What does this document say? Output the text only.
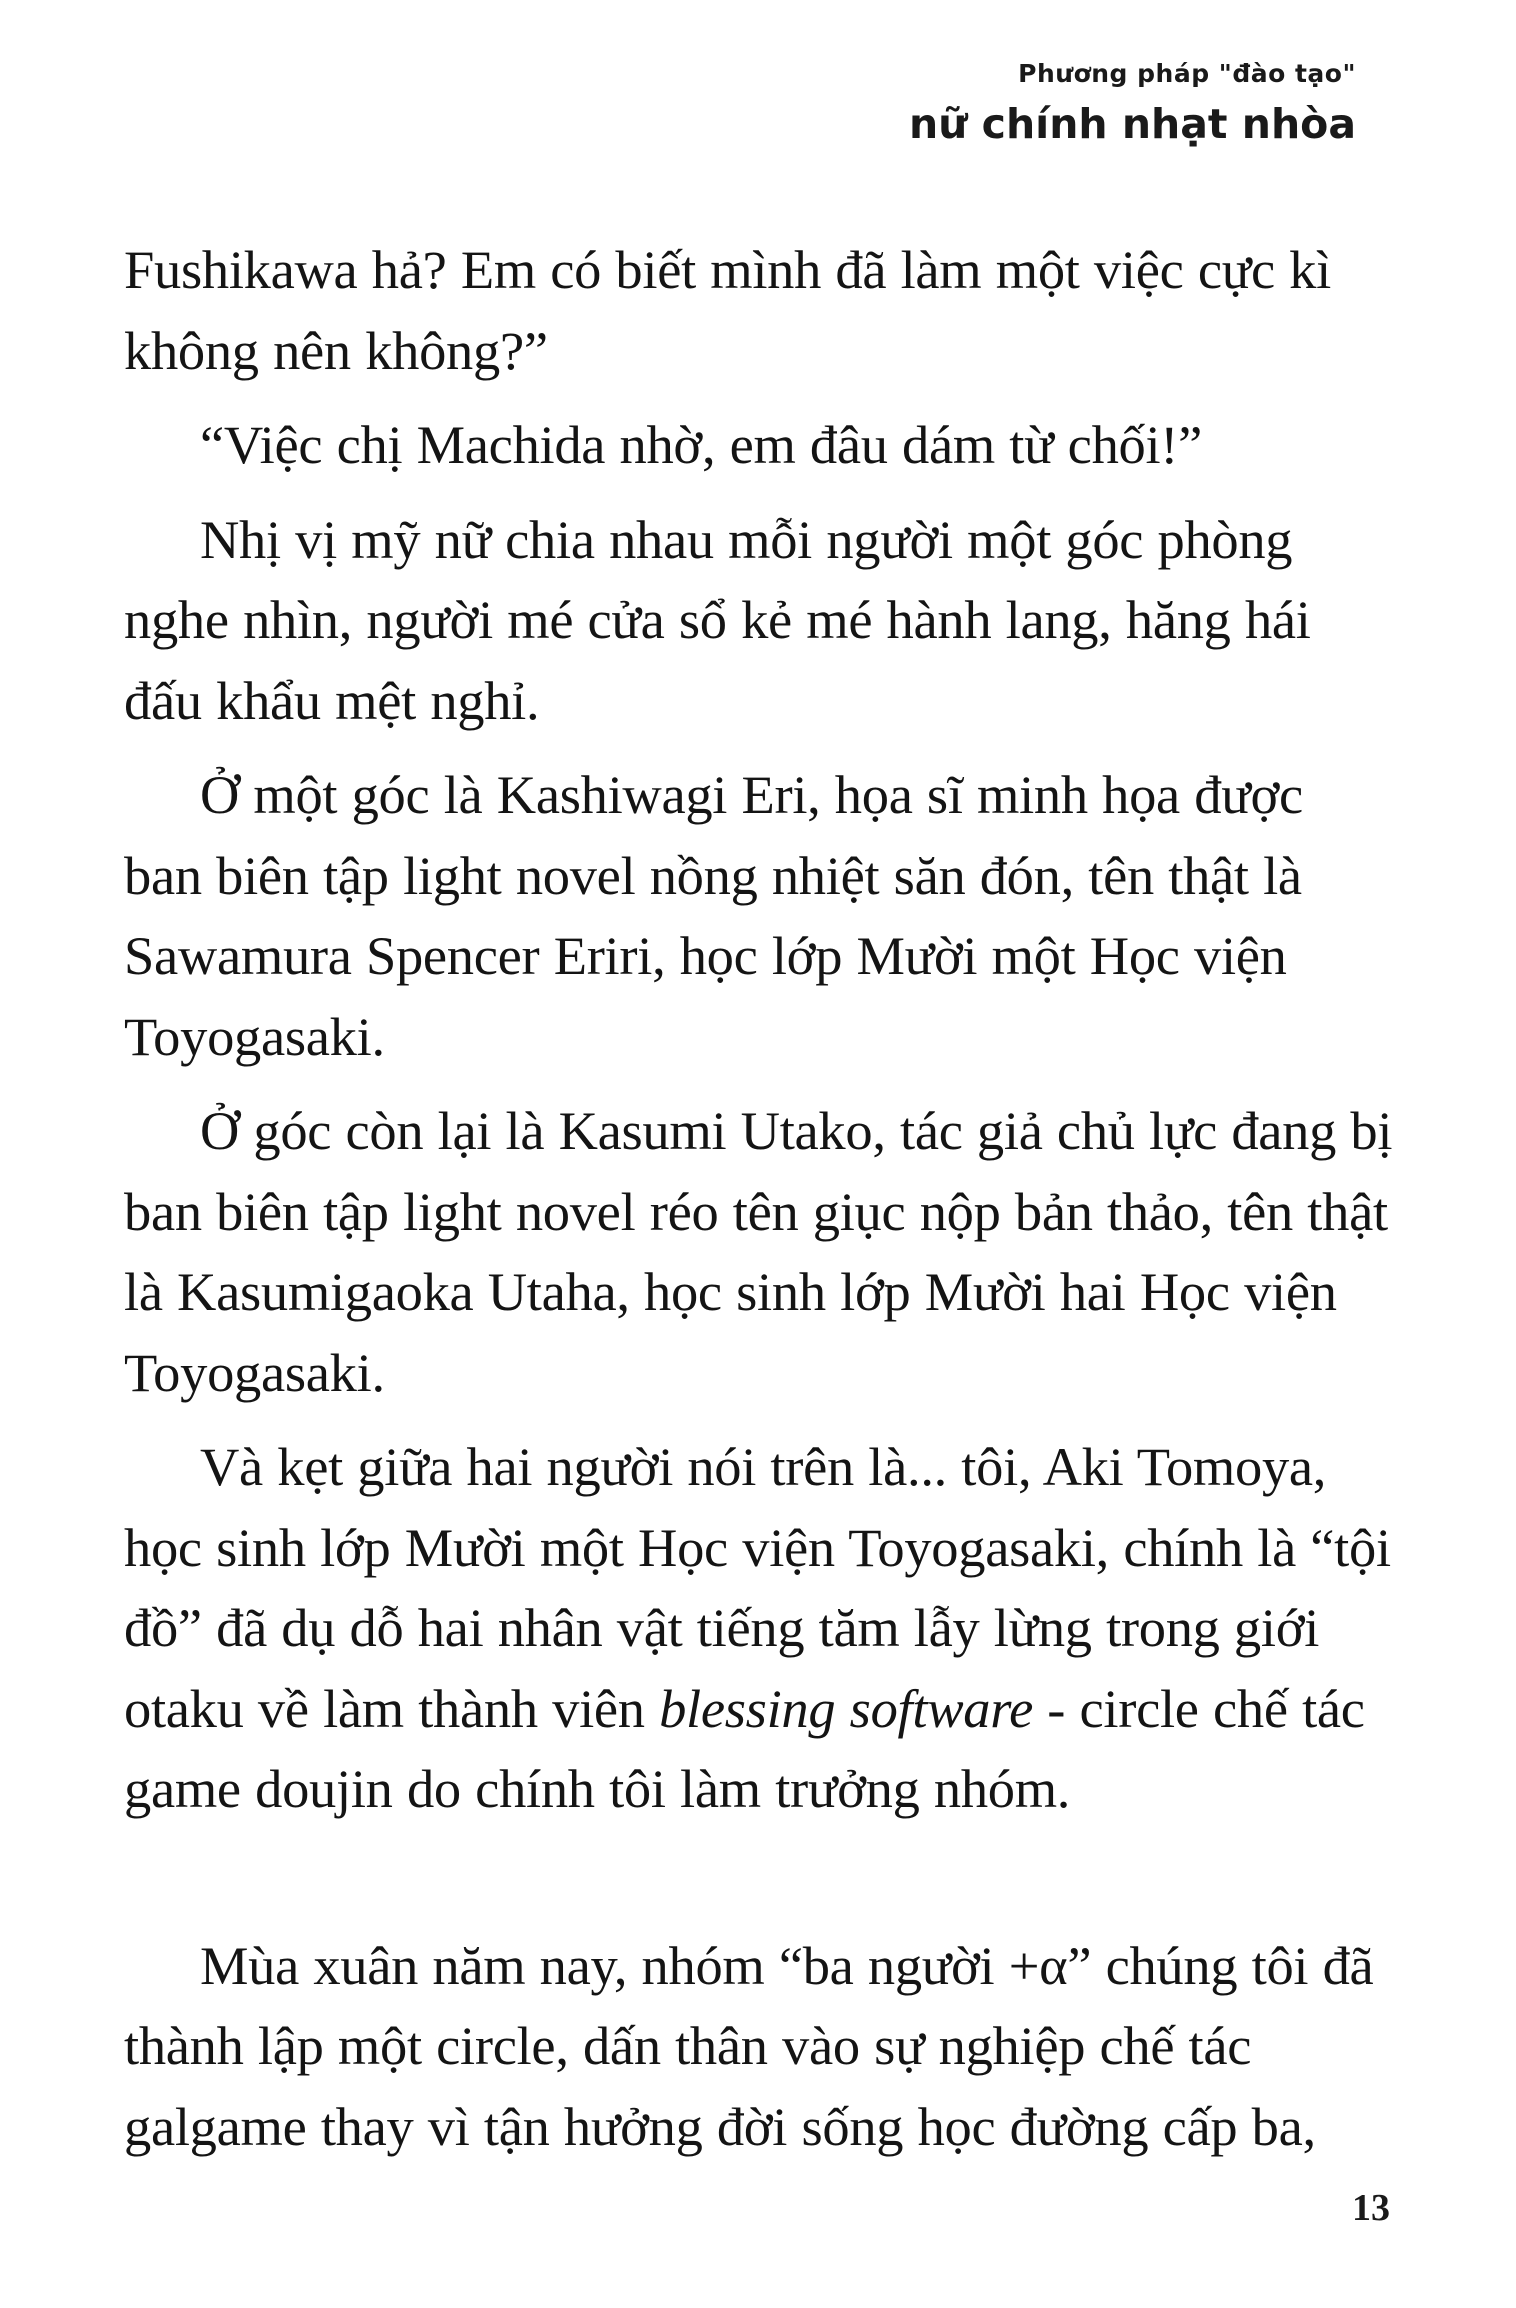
Phương pháp "đào tạo"
nữ chính nhạt nhòa

Fushikawa hả? Em có biết mình đã làm một việc cực kì không nên không?”

“Việc chị Machida nhờ, em đâu dám từ chối!”

Nhị vị mỹ nữ chia nhau mỗi người một góc phòng nghe nhìn, người mé cửa sổ kẻ mé hành lang, hăng hái đấu khẩu mệt nghỉ.

Ở một góc là Kashiwagi Eri, họa sĩ minh họa được ban biên tập light novel nồng nhiệt săn đón, tên thật là Sawamura Spencer Eriri, học lớp Mười một Học viện Toyogasaki.

Ở góc còn lại là Kasumi Utako, tác giả chủ lực đang bị ban biên tập light novel réo tên giục nộp bản thảo, tên thật là Kasumigaoka Utaha, học sinh lớp Mười hai Học viện Toyogasaki.

Và kẹt giữa hai người nói trên là... tôi, Aki Tomoya, học sinh lớp Mười một Học viện Toyogasaki, chính là “tội đồ” đã dụ dỗ hai nhân vật tiếng tăm lẫy lừng trong giới otaku về làm thành viên blessing software - circle chế tác game doujin do chính tôi làm trưởng nhóm.

Mùa xuân năm nay, nhóm “ba người +α” chúng tôi đã thành lập một circle, dấn thân vào sự nghiệp chế tác galgame thay vì tận hưởng đời sống học đường cấp ba,

13
